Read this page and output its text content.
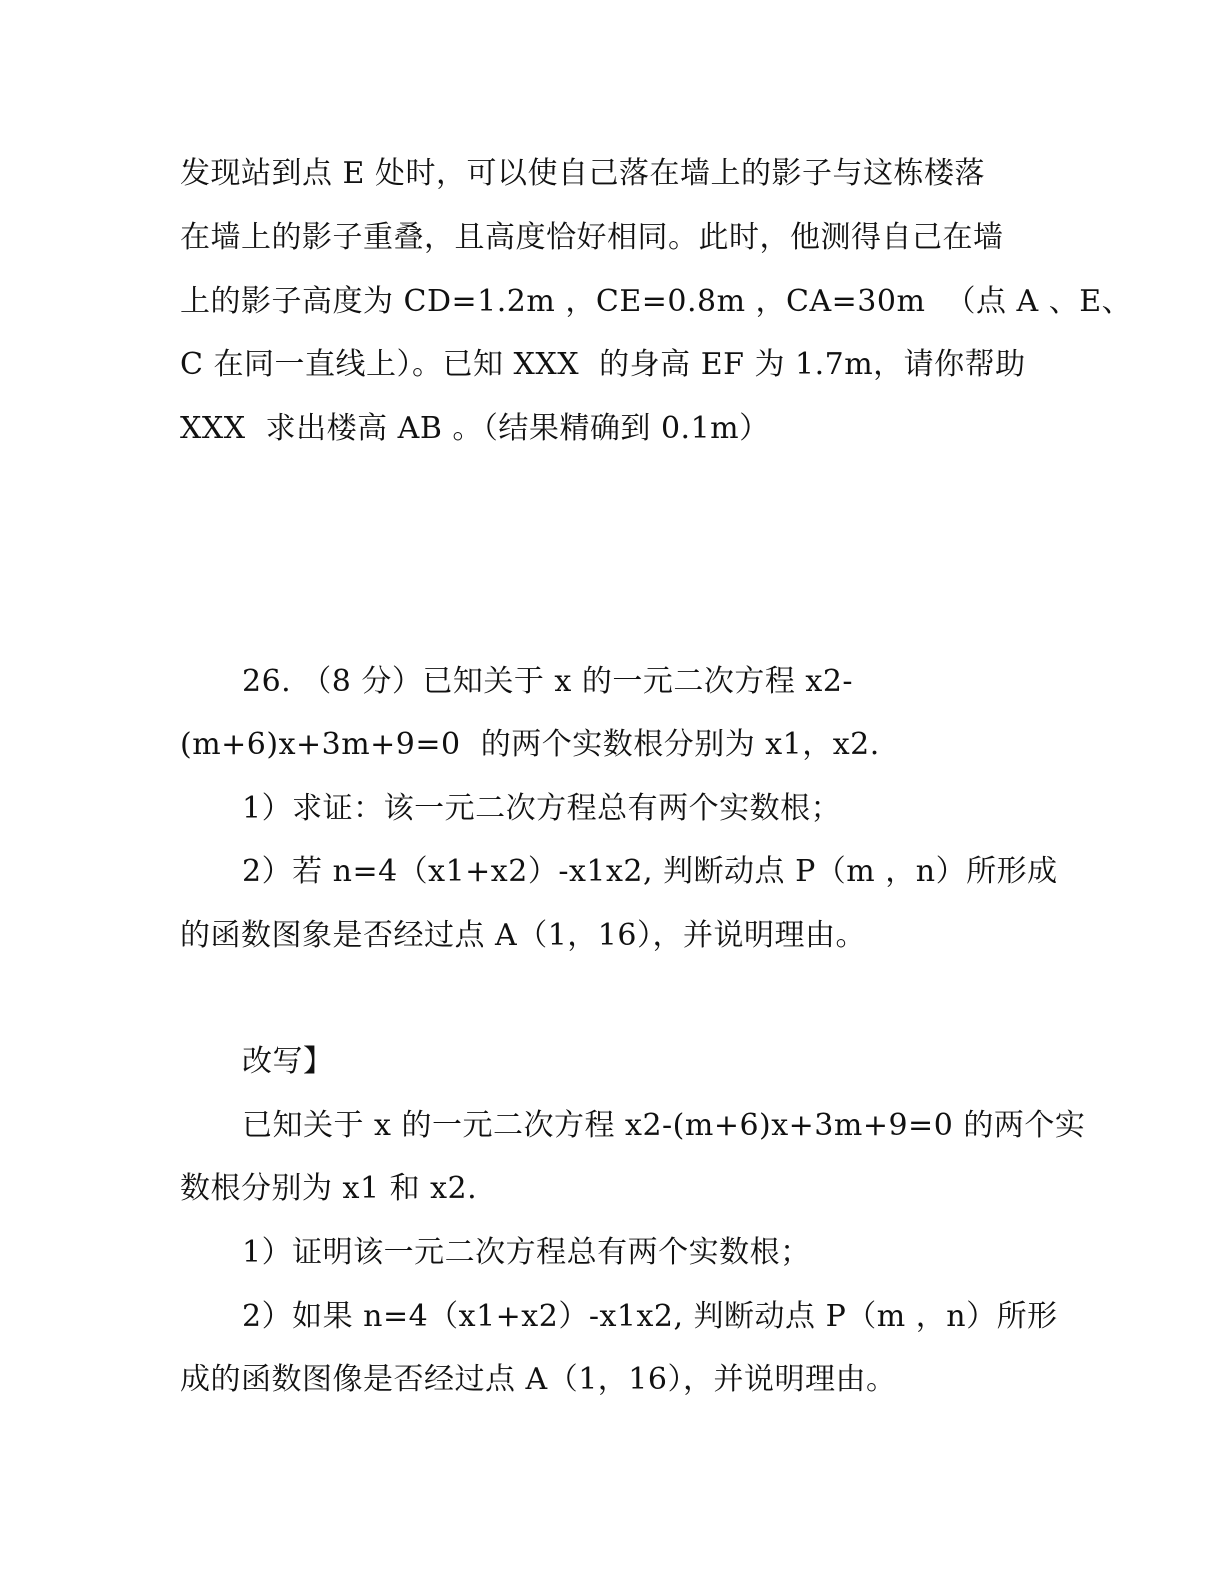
发现站到点 E 处时，可以使自己落在墙上的影子与这栋楼落
在墙上的影子重叠，且高度恰好相同。此时，他测得自己在墙
上的影子高度为 CD=1.2m ，CE=0.8m ，CA=30m  （点 A 、E、
C 在同一直线上）。已知 XXX  的身高 EF 为 1.7m，请你帮助
XXX  求出楼高 AB 。（结果精确到 0.1m）
26. （8 分）已知关于 x 的一元二次方程 x2-
(m+6)x+3m+9=0  的两个实数根分别为 x1，x2.
1）求证：该一元二次方程总有两个实数根；
2）若 n=4（x1+x2）-x1x2, 判断动点 P（m ，n）所形成
的函数图象是否经过点 A（1，16），并说明理由。
改写】
已知关于 x 的一元二次方程 x2-(m+6)x+3m+9=0 的两个实
数根分别为 x1 和 x2.
1）证明该一元二次方程总有两个实数根；
2）如果 n=4（x1+x2）-x1x2, 判断动点 P（m ，n）所形
成的函数图像是否经过点 A（1，16），并说明理由。
